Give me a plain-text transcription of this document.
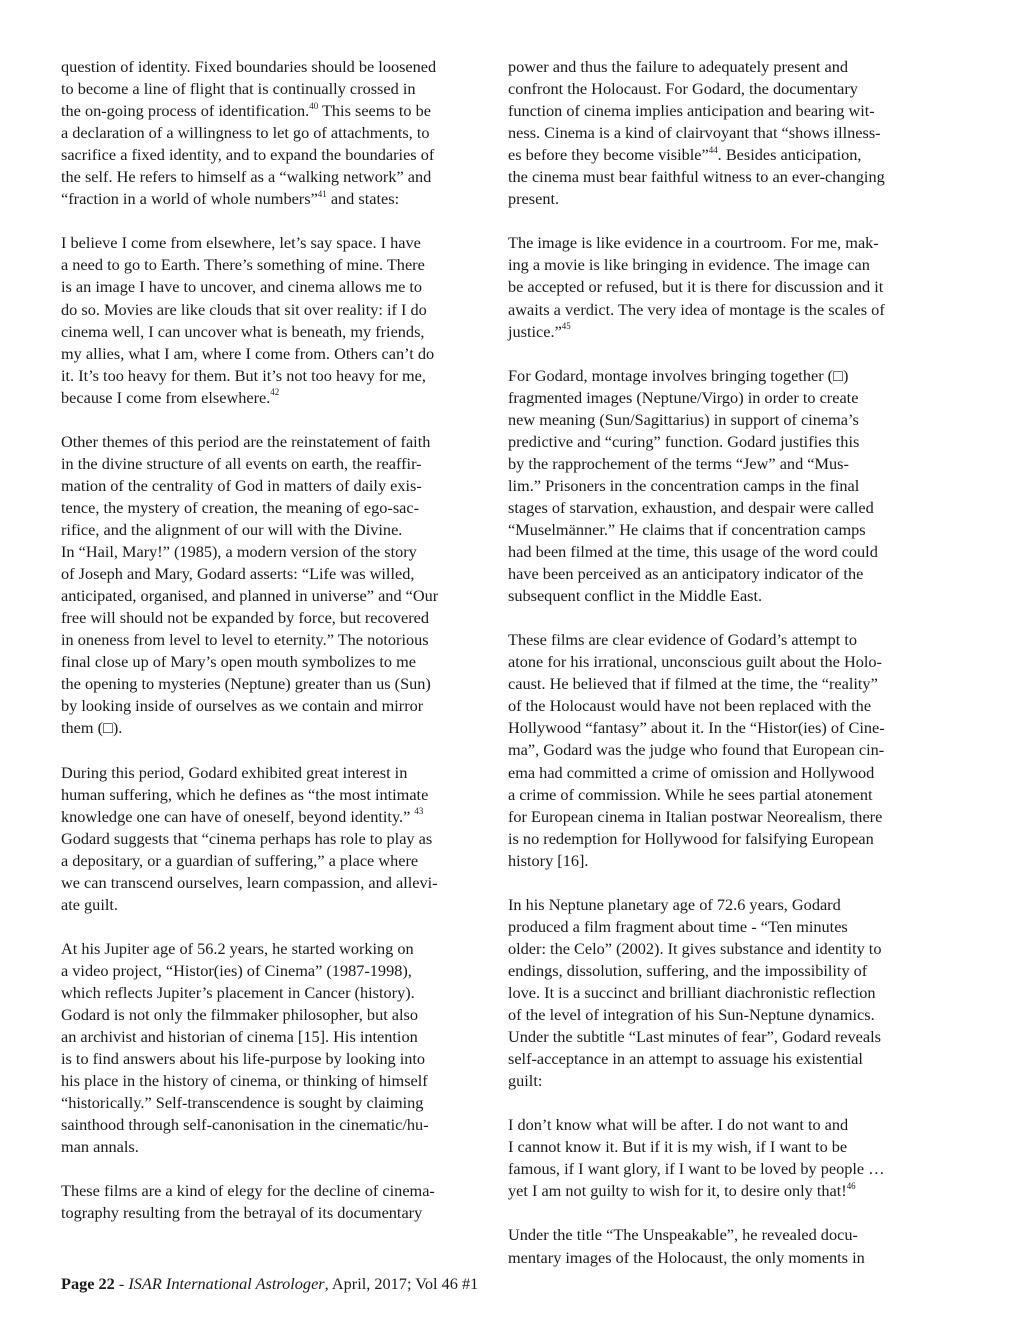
question of identity. Fixed boundaries should be loosened
to become a line of flight that is continually crossed in
the on-going process of identification.$^{40}$ This seems to be
a declaration of a willingness to let go of attachments, to
sacrifice a fixed identity, and to expand the boundaries of
the self. He refers to himself as a “walking network” and
“fraction in a world of whole numbers”$^{41}$ and states:

I believe I come from elsewhere, let’s say space. I have
a need to go to Earth. There’s something of mine. There
is an image I have to uncover, and cinema allows me to
do so. Movies are like clouds that sit over reality: if I do
cinema well, I can uncover what is beneath, my friends,
my allies, what I am, where I come from. Others can’t do
it. It’s too heavy for them. But it’s not too heavy for me,
because I come from elsewhere.$^{42}$

Other themes of this period are the reinstatement of faith
in the divine structure of all events on earth, the reaffir-
mation of the centrality of God in matters of daily exis-
tence, the mystery of creation, the meaning of ego-sac-
rifice, and the alignment of our will with the Divine.
In “Hail, Mary!” (1985), a modern version of the story
of Joseph and Mary, Godard asserts: “Life was willed,
anticipated, organised, and planned in universe” and “Our
free will should not be expanded by force, but recovered
in oneness from level to level to eternity.” The notorious
final close up of Mary’s open mouth symbolizes to me
the opening to mysteries (Neptune) greater than us (Sun)
by looking inside of ourselves as we contain and mirror
them (□).

During this period, Godard exhibited great interest in
human suffering, which he defines as “the most intimate
knowledge one can have of oneself, beyond identity.” $^{43}$
Godard suggests that “cinema perhaps has role to play as
a depositary, or a guardian of suffering,” a place where
we can transcend ourselves, learn compassion, and allevi-
ate guilt.

At his Jupiter age of 56.2 years, he started working on
a video project, “Histor(ies) of Cinema” (1987-1998),
which reflects Jupiter’s placement in Cancer (history).
Godard is not only the filmmaker philosopher, but also
an archivist and historian of cinema [15]. His intention
is to find answers about his life-purpose by looking into
his place in the history of cinema, or thinking of himself
“historically.” Self-transcendence is sought by claiming
sainthood through self-canonisation in the cinematic/hu-
man annals.

These films are a kind of elegy for the decline of cinema-
tography resulting from the betrayal of its documentary

power and thus the failure to adequately present and
confront the Holocaust. For Godard, the documentary
function of cinema implies anticipation and bearing wit-
ness. Cinema is a kind of clairvoyant that “shows illness-
es before they become visible”$^{44}$. Besides anticipation,
the cinema must bear faithful witness to an ever-changing
present.

The image is like evidence in a courtroom. For me, mak-
ing a movie is like bringing in evidence. The image can
be accepted or refused, but it is there for discussion and it
awaits a verdict. The very idea of montage is the scales of
justice.”$^{45}$

For Godard, montage involves bringing together (□)
fragmented images (Neptune/Virgo) in order to create
new meaning (Sun/Sagittarius) in support of cinema’s
predictive and “curing” function. Godard justifies this
by the rapprochement of the terms “Jew” and “Mus-
lim.” Prisoners in the concentration camps in the final
stages of starvation, exhaustion, and despair were called
“Muselmänner.” He claims that if concentration camps
had been filmed at the time, this usage of the word could
have been perceived as an anticipatory indicator of the
subsequent conflict in the Middle East.

These films are clear evidence of Godard’s attempt to
atone for his irrational, unconscious guilt about the Holo-
caust. He believed that if filmed at the time, the “reality”
of the Holocaust would have not been replaced with the
Hollywood “fantasy” about it. In the “Histor(ies) of Cine-
ma”, Godard was the judge who found that European cin-
ema had committed a crime of omission and Hollywood
a crime of commission. While he sees partial atonement
for European cinema in Italian postwar Neorealism, there
is no redemption for Hollywood for falsifying European
history [16].

In his Neptune planetary age of 72.6 years, Godard
produced a film fragment about time - “Ten minutes
older: the Celo” (2002). It gives substance and identity to
endings, dissolution, suffering, and the impossibility of
love. It is a succinct and brilliant diachronistic reflection
of the level of integration of his Sun-Neptune dynamics.
Under the subtitle “Last minutes of fear”, Godard reveals
self-acceptance in an attempt to assuage his existential
guilt:

I don’t know what will be after. I do not want to and
I cannot know it. But if it is my wish, if I want to be
famous, if I want glory, if I want to be loved by people …
yet I am not guilty to wish for it, to desire only that!$^{46}$

Under the title “The Unspeakable”, he revealed docu-
mentary images of the Holocaust, the only moments in

Page 22 - ISAR International Astrologer, April, 2017; Vol 46 #1
